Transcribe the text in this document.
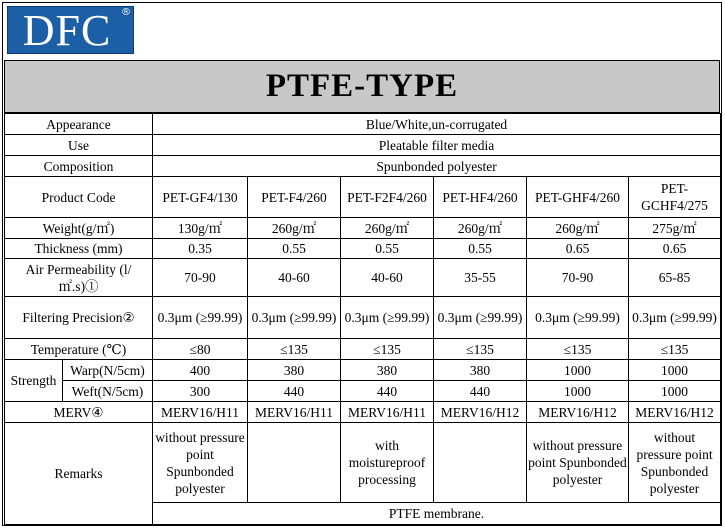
DFC ®
PTFE-TYPE
Appearance		Blue/White,un-corrugated					
Use		Pleatable filter media					
Composition		Spunbonded polyester					
Product Code		PET-GF4/130	PET-F4/260	PET-F2F4/260	PET-HF4/260	PET-GHF4/260	PET-GCHF4/275
Weight(g/㎡)		130g/㎡	260g/㎡	260g/㎡	260g/㎡	260g/㎡	275g/㎡
Thickness (mm)		0.35	0.55	0.55	0.55	0.65	0.65
Air Permeability (l/㎡.s)①		70-90	40-60	40-60	35-55	70-90	65-85
Filtering Precision②		0.3μm (≥99.99)	0.3μm (≥99.99)	0.3μm (≥99.99)	0.3μm (≥99.99)	0.3μm (≥99.99)	0.3μm (≥99.99)
Temperature (℃)		≤80	≤135	≤135	≤135	≤135	≤135
Strength	Warp(N/5cm)	400	380	380	380	1000	1000
	Weft(N/5cm)	300	440	440	440	1000	1000
MERV④		MERV16/H11	MERV16/H11	MERV16/H11	MERV16/H12	MERV16/H12	MERV16/H12
Remarks		without pressure point Spunbonded polyester		with moistureproof processing		without pressure point Spunbonded polyester	without pressure point Spunbonded polyester
		PTFE membrane.					
